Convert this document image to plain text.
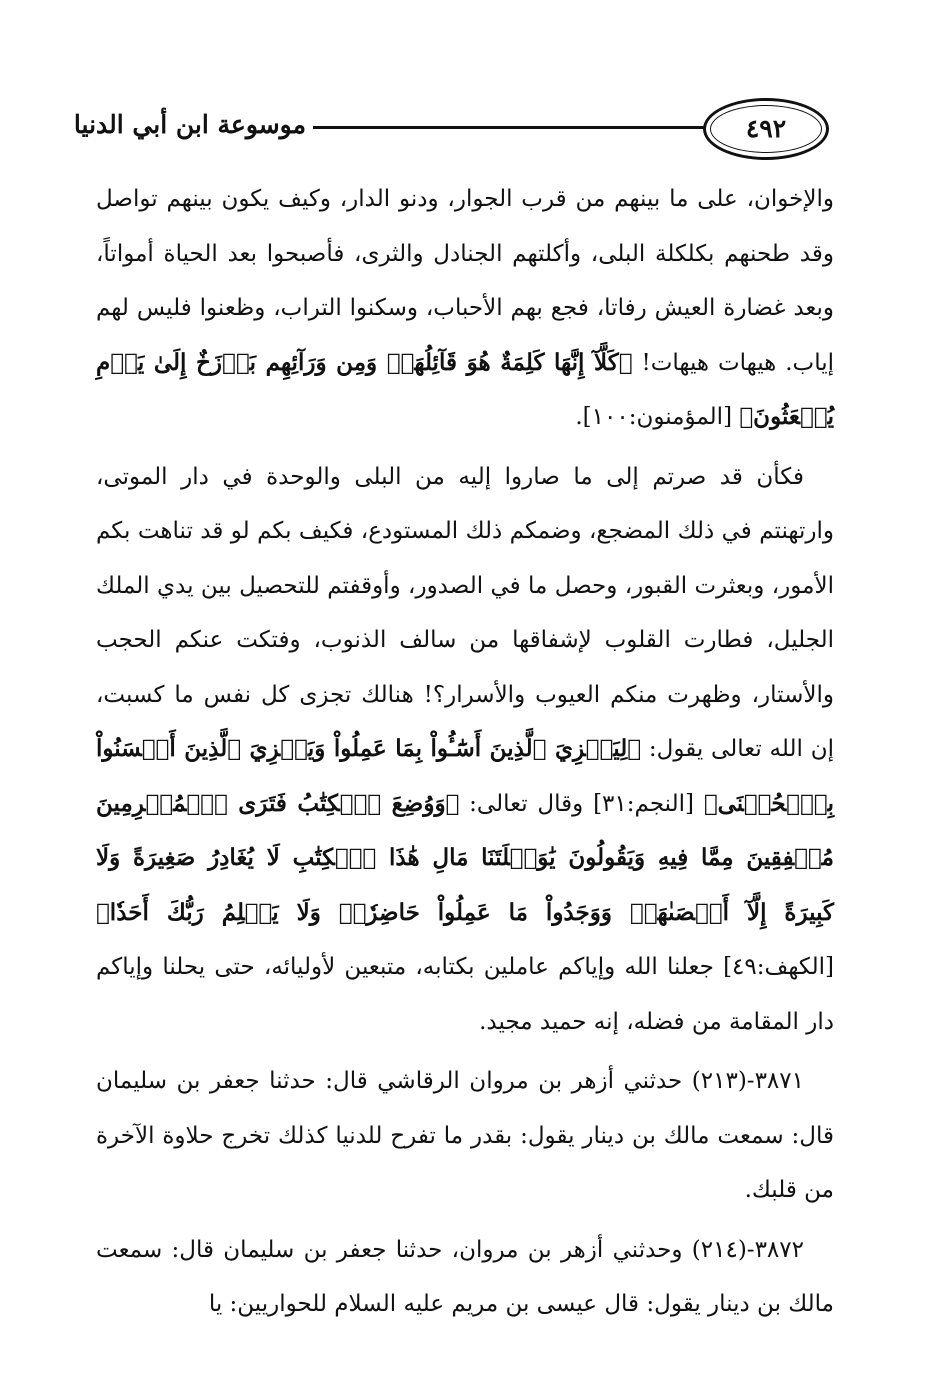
٤٩٢
موسوعة ابن أبي الدنيا

والإخوان، على ما بينهم من قرب الجوار، ودنو الدار، وكيف يكون بينهم تواصل وقد طحنهم بكلكلة البلى، وأكلتهم الجنادل والثرى، فأصبحوا بعد الحياة أمواتاً، وبعد غضارة العيش رفاتا، فجع بهم الأحباب، وسكنوا التراب، وظعنوا فليس لهم إياب. هيهات هيهات! ﴿كَلَّآ إِنَّهَا كَلِمَةٌ هُوَ قَآئِلُهَاۖ وَمِن وَرَآئِهِم بَرۡزَخٌ إِلَىٰ يَوۡمِ يُبۡعَثُونَ﴾ [المؤمنون:١٠٠].

فكأن قد صرتم إلى ما صاروا إليه من البلى والوحدة في دار الموتى، وارتهنتم في ذلك المضجع، وضمكم ذلك المستودع، فكيف بكم لو قد تناهت بكم الأمور، وبعثرت القبور، وحصل ما في الصدور، وأوقفتم للتحصيل بين يدي الملك الجليل، فطارت القلوب لإشفاقها من سالف الذنوب، وفتكت عنكم الحجب والأستار، وظهرت منكم العيوب والأسرار؟! هنالك تجزى كل نفس ما كسبت، إن الله تعالى يقول: ﴿لِيَجۡزِيَ ٱلَّذِينَ أَسَٰٓـُٔواْ بِمَا عَمِلُواْ وَيَجۡزِيَ ٱلَّذِينَ أَحۡسَنُواْ بِٱلۡحُسۡنَى﴾ [النجم:٣١] وقال تعالى: ﴿وَوُضِعَ ٱلۡكِتَٰبُ فَتَرَى ٱلۡمُجۡرِمِينَ مُشۡفِقِينَ مِمَّا فِيهِ وَيَقُولُونَ يَٰوَيۡلَتَنَا مَالِ هَٰذَا ٱلۡكِتَٰبِ لَا يُغَادِرُ صَغِيرَةً وَلَا كَبِيرَةً إِلَّآ أَحۡصَىٰهَاۚ وَوَجَدُواْ مَا عَمِلُواْ حَاضِرٗاۗ وَلَا يَظۡلِمُ رَبُّكَ أَحَدٗا﴾ [الكهف:٤٩] جعلنا الله وإياكم عاملين بكتابه، متبعين لأوليائه، حتى يحلنا وإياكم دار المقامة من فضله، إنه حميد مجيد.

٣٨٧١-(٢١٣) حدثني أزهر بن مروان الرقاشي قال: حدثنا جعفر بن سليمان قال: سمعت مالك بن دينار يقول: بقدر ما تفرح للدنيا كذلك تخرج حلاوة الآخرة من قلبك.

٣٨٧٢-(٢١٤) وحدثني أزهر بن مروان، حدثنا جعفر بن سليمان قال: سمعت مالك بن دينار يقول: قال عيسى بن مريم عليه السلام للحواريين: يا
